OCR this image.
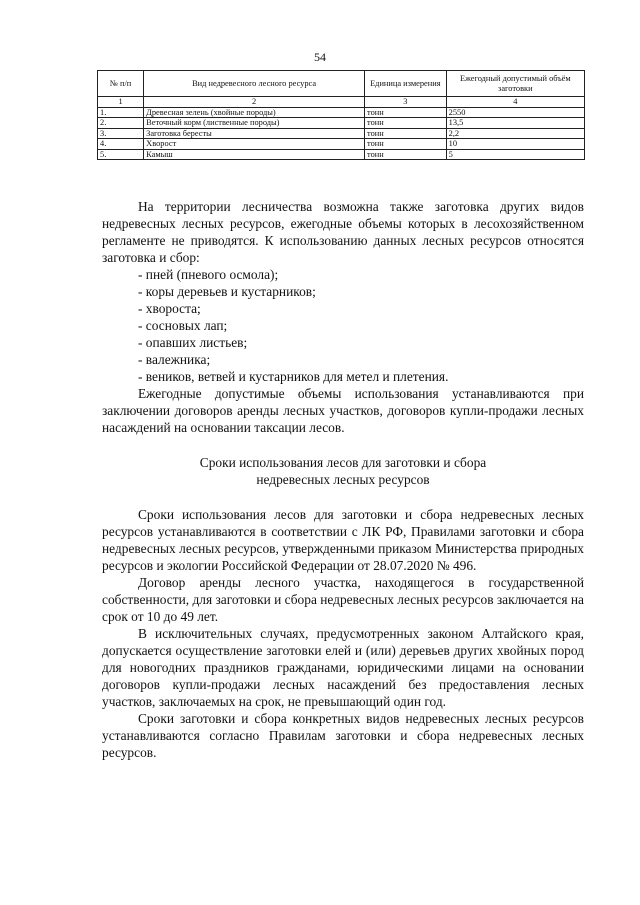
54
№ п/п	Вид недревесного лесного ресурса	Единица измерения	Ежегодный допустимый объём заготовки
1	2	3	4
1.	Древесная зелень (хвойные породы)	тонн	2550
2.	Веточный корм (лиственные породы)	тонн	13,5
3.	Заготовка бересты	тонн	2,2
4.	Хворост	тонн	10
5.	Камыш	тонн	5

На территории лесничества возможна также заготовка других видов недревесных лесных ресурсов, ежегодные объемы которых в лесохозяйственном регламенте не приводятся. К использованию данных лесных ресурсов относятся заготовка и сбор:

- пней (пневого осмола);
- коры деревьев и кустарников;
- хвороста;
- сосновых лап;
- опавших листьев;
- валежника;
- веников, ветвей и кустарников для метел и плетения.

Ежегодные допустимые объемы использования устанавливаются при заключении договоров аренды лесных участков, договоров купли-продажи лесных насаждений на основании таксации лесов.

Сроки использования лесов для заготовки и сбора недревесных лесных ресурсов

Сроки использования лесов для заготовки и сбора недревесных лесных ресурсов устанавливаются в соответствии с ЛК РФ, Правилами заготовки и сбора недревесных лесных ресурсов, утвержденными приказом Министерства природных ресурсов и экологии Российской Федерации от 28.07.2020 № 496.

Договор аренды лесного участка, находящегося в государственной собственности, для заготовки и сбора недревесных лесных ресурсов заключается на срок от 10 до 49 лет.

В исключительных случаях, предусмотренных законом Алтайского края, допускается осуществление заготовки елей и (или) деревьев других хвойных пород для новогодних праздников гражданами, юридическими лицами на основании договоров купли-продажи лесных насаждений без предоставления лесных участков, заключаемых на срок, не превышающий один год.

Сроки заготовки и сбора конкретных видов недревесных лесных ресурсов устанавливаются согласно Правилам заготовки и сбора недревесных лесных ресурсов.
